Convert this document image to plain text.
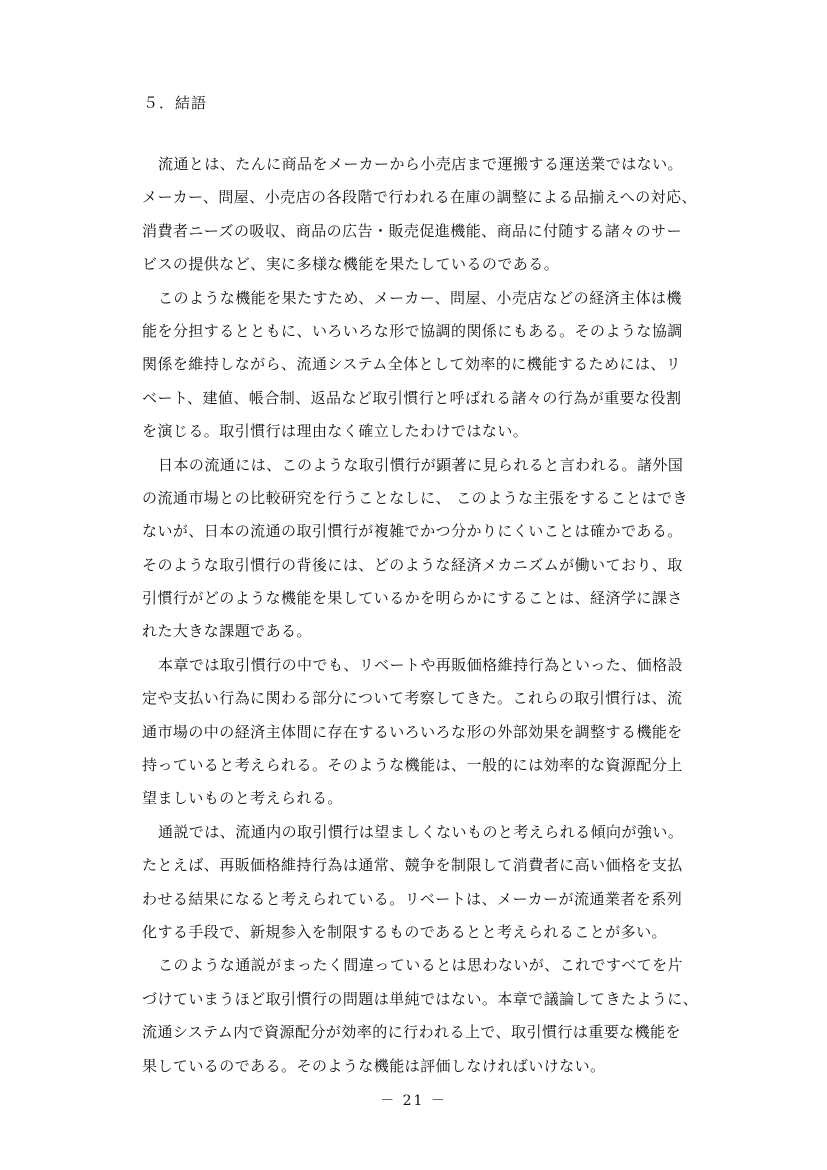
５．結語
流通とは、たんに商品をメーカーから小売店まで運搬する運送業ではない。
メーカー、問屋、小売店の各段階で行われる在庫の調整による品揃えへの対応、
消費者ニーズの吸収、商品の広告・販売促進機能、商品に付随する諸々のサー
ビスの提供など、実に多様な機能を果たしているのである。
このような機能を果たすため、メーカー、問屋、小売店などの経済主体は機
能を分担するとともに、いろいろな形で協調的関係にもある。そのような協調
関係を維持しながら、流通システム全体として効率的に機能するためには、リ
ベート、建値、帳合制、返品など取引慣行と呼ばれる諸々の行為が重要な役割
を演じる。取引慣行は理由なく確立したわけではない。
日本の流通には、このような取引慣行が顕著に見られると言われる。諸外国
の流通市場との比較研究を行うことなしに、 このような主張をすることはでき
ないが、日本の流通の取引慣行が複雑でかつ分かりにくいことは確かである。
そのような取引慣行の背後には、どのような経済メカニズムが働いており、取
引慣行がどのような機能を果しているかを明らかにすることは、経済学に課さ
れた大きな課題である。
本章では取引慣行の中でも、リベートや再販価格維持行為といった、価格設
定や支払い行為に関わる部分について考察してきた。これらの取引慣行は、流
通市場の中の経済主体間に存在するいろいろな形の外部効果を調整する機能を
持っていると考えられる。そのような機能は、一般的には効率的な資源配分上
望ましいものと考えられる。
通説では、流通内の取引慣行は望ましくないものと考えられる傾向が強い。
たとえば、再販価格維持行為は通常、競争を制限して消費者に高い価格を支払
わせる結果になると考えられている。リベートは、メーカーが流通業者を系列
化する手段で、新規参入を制限するものであるとと考えられることが多い。
このような通説がまったく間違っているとは思わないが、これですべてを片
づけていまうほど取引慣行の問題は単純ではない。本章で議論してきたように、
流通システム内で資源配分が効率的に行われる上で、取引慣行は重要な機能を
果しているのである。そのような機能は評価しなければいけない。
－ 21 －
